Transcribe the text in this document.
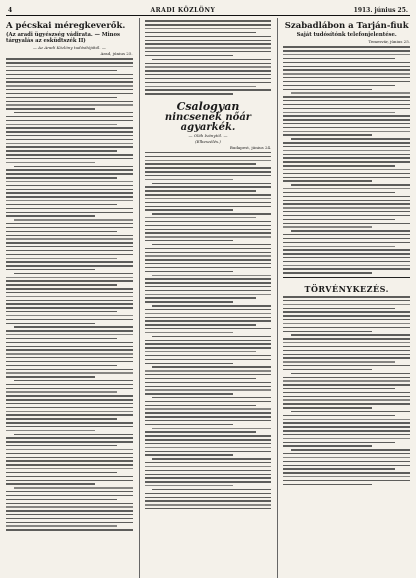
4	ARADI KÖZLÖNY	1913. június 25.
A pécskai méregkeverők.
(Az aradi ügyészség vádirata. — Minos tárgyalás az esküdtszék II)
— Az Aradi Közlöny tudósítójától. —
Arad, június 25.
Csalogyan
nincsenek nőár agyarkék.
— Oláh Iványtól. —
(Elbeszélés.)
Budapest, június 24.
Szabadlábon a Tarján-fiuk
Saját tudósítónk telefonjelentése.
Temesvár, június 25.
TÖRVÉNYKEZÉS.
